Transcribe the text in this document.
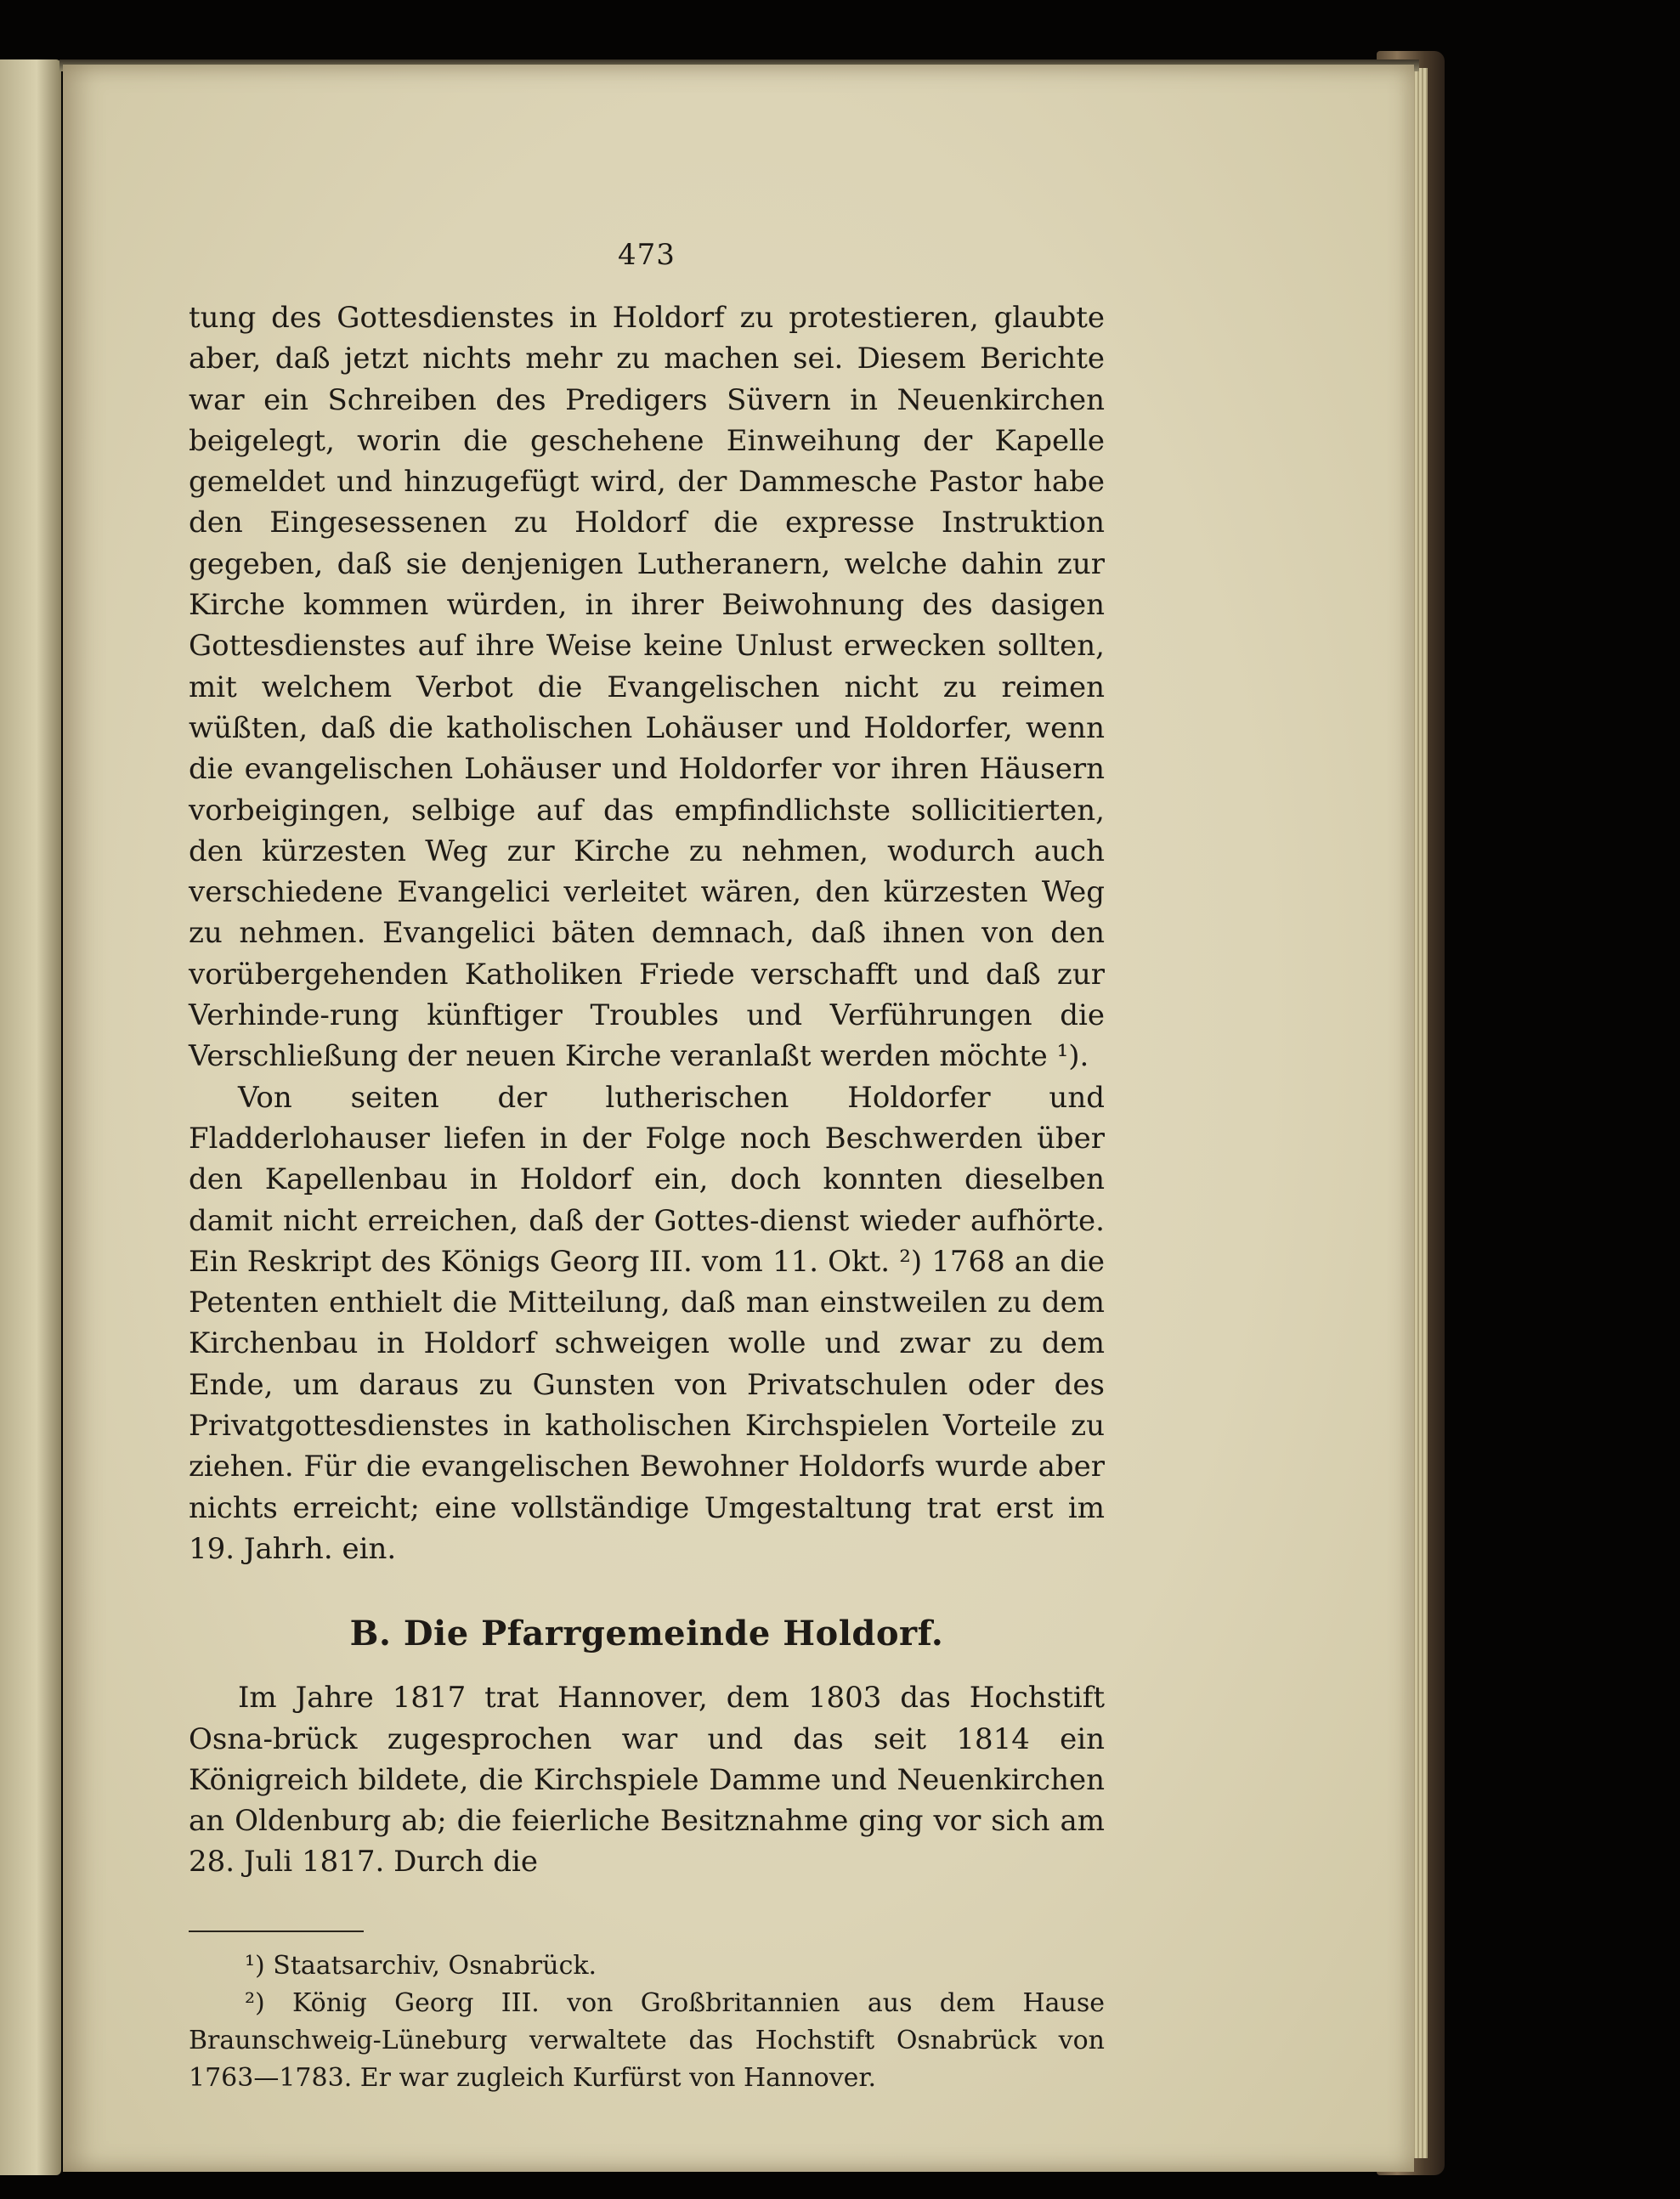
473

tung des Gottesdienstes in Holdorf zu protestieren, glaubte aber, daß jetzt nichts mehr zu machen sei. Diesem Berichte war ein Schreiben des Predigers Süvern in Neuenkirchen beigelegt, worin die geschehene Einweihung der Kapelle gemeldet und hinzugefügt wird, der Dammesche Pastor habe den Eingesessenen zu Holdorf die expresse Instruktion gegeben, daß sie denjenigen Lutheranern, welche dahin zur Kirche kommen würden, in ihrer Beiwohnung des dasigen Gottesdienstes auf ihre Weise keine Unlust erwecken sollten, mit welchem Verbot die Evangelischen nicht zu reimen wüßten, daß die katholischen Lohäuser und Holdorfer, wenn die evangelischen Lohäuser und Holdorfer vor ihren Häusern vorbeigingen, selbige auf das empfindlichste sollicitierten, den kürzesten Weg zur Kirche zu nehmen, wodurch auch verschiedene Evangelici verleitet wären, den kürzesten Weg zu nehmen. Evangelici bäten demnach, daß ihnen von den vorübergehenden Katholiken Friede verschafft und daß zur Verhinde-rung künftiger Troubles und Verführungen die Verschließung der neuen Kirche veranlaßt werden möchte ¹).

Von seiten der lutherischen Holdorfer und Fladderlohauser liefen in der Folge noch Beschwerden über den Kapellenbau in Holdorf ein, doch konnten dieselben damit nicht erreichen, daß der Gottes-dienst wieder aufhörte. Ein Reskript des Königs Georg III. vom 11. Okt. ²) 1768 an die Petenten enthielt die Mitteilung, daß man einstweilen zu dem Kirchenbau in Holdorf schweigen wolle und zwar zu dem Ende, um daraus zu Gunsten von Privatschulen oder des Privatgottesdienstes in katholischen Kirchspielen Vorteile zu ziehen. Für die evangelischen Bewohner Holdorfs wurde aber nichts erreicht; eine vollständige Umgestaltung trat erst im 19. Jahrh. ein.

B. Die Pfarrgemeinde Holdorf.

Im Jahre 1817 trat Hannover, dem 1803 das Hochstift Osna-brück zugesprochen war und das seit 1814 ein Königreich bildete, die Kirchspiele Damme und Neuenkirchen an Oldenburg ab; die feierliche Besitznahme ging vor sich am 28. Juli 1817. Durch die

¹) Staatsarchiv, Osnabrück.

²) König Georg III. von Großbritannien aus dem Hause Braunschweig-Lüneburg verwaltete das Hochstift Osnabrück von 1763—1783. Er war zugleich Kurfürst von Hannover.
